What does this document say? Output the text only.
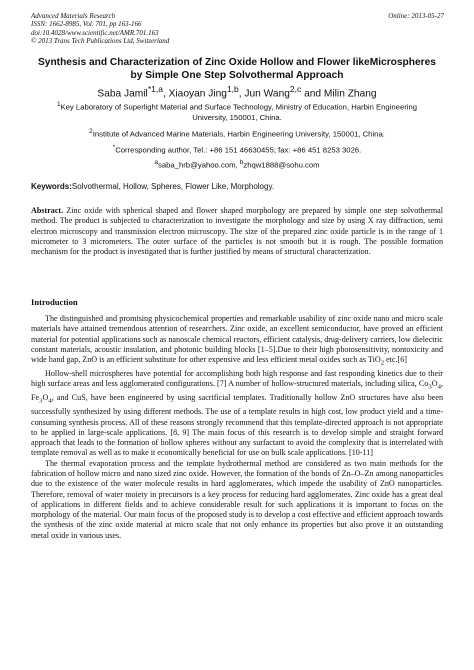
Advanced Materials Research
ISSN: 1662-8985, Vol. 701, pp 163-166
doi:10.4028/www.scientific.net/AMR.701.163
© 2013 Trans Tech Publications Ltd, Switzerland
Online: 2013-05-27
Synthesis and Characterization of Zinc Oxide Hollow and Flower likeMicrospheres by Simple One Step Solvothermal Approach
Saba Jamil$^{*1,a}$, Xiaoyan Jing$^{1,b}$, Jun Wang$^{2,c}$ and Milin Zhang
$^1$Key Laboratory of Superlight Material and Surface Technology, Ministry of Education, Harbin Engineering University, 150001, China.
$^2$Institute of Advanced Marine Materials, Harbin Engineering University, 150001, China.
*Corresponding author, Tel.: +86 151 46630455; fax: +86 451 8253 3026.
$^a$saba_hrb@yahoo.com, $^b$zhqw1888@sohu.com
Keywords:Solvothermal, Hollow, Spheres, Flower Like, Morphology.
Abstract. Zinc oxide with spherical shaped and flower shaped morphology are prepared by simple one step solvothermal method. The product is subjected to characterization to investigate the morphology and size by using X ray diffraction, semi electron microscopy and transmission electron microscopy. The size of the prepared zinc oxide particle is in the range of 1 micrometer to 3 micrometers. The outer surface of the particles is not smooth but it is rough. The possible formation mechanism for the product is investigated that is further justified by means of structural characterization.
Introduction

The distinguished and promising physicochemical properties and remarkable usability of zinc oxide nano and micro scale materials have attained tremendous attention of researchers. Zinc oxide, an excellent semiconductor, have proved an efficient material for potential applications such as nanoscale chemical reactors, efficient catalysis, drug-delivery carriers, low dielectric constant materials, acoustic insulation, and photonic building blocks [1–5].Due to their high photosensitivity, nontoxicity and wide band gap, ZnO is an efficient substitute for other expensive and less efficient metal oxides such as TiO$_2$ etc.[6]

Hollow-shell microspheres have potential for accomplishing both high response and fast responding kinetics due to their high surface areas and less agglomerated configurations. [7] A number of hollow-structured materials, including silica, $Co_3O_4$, $Fe_3O_4$, and CuS, have been engineered by using sacrificial templates. Traditionally hollow ZnO structures have also been successfully synthesized by using different methods. The use of a template results in high cost, low product yield and a time-consuming synthesis process. All of these reasons strongly recommend that this template-directed approach is not appropriate to be applied in large-scale applications. [8, 9] The main focus of this research is to develop simple and straight forward approach that leads to the formation of hollow spheres without any surfactant to avoid the complexity that is interrelated with template removal as well as to make it economically beneficial for use on bulk scale applications. [10-11]

The thermal evaporation process and the template hydrothermal method are considered as two main methods for the fabrication of hollow micro and nano sized zinc oxide. However, the formation of the bonds of Zn–O–Zn among nanoparticles due to the existence of the water molecule results in hard agglomerates, which impede the usability of ZnO nanoparticles. Therefore, removal of water moiety in precursors is a key process for reducing hard agglomerates. Zinc oxide has a great deal of applications in different fields and to achieve considerable result for such applications it is important to focus on the morphology of the material. Our main focus of the proposed study is to develop a cost effective and efficient approach towards the synthesis of the zinc oxide material at micro scale that not only enhance its properties but also prove it an outstanding metal oxide in various uses.
